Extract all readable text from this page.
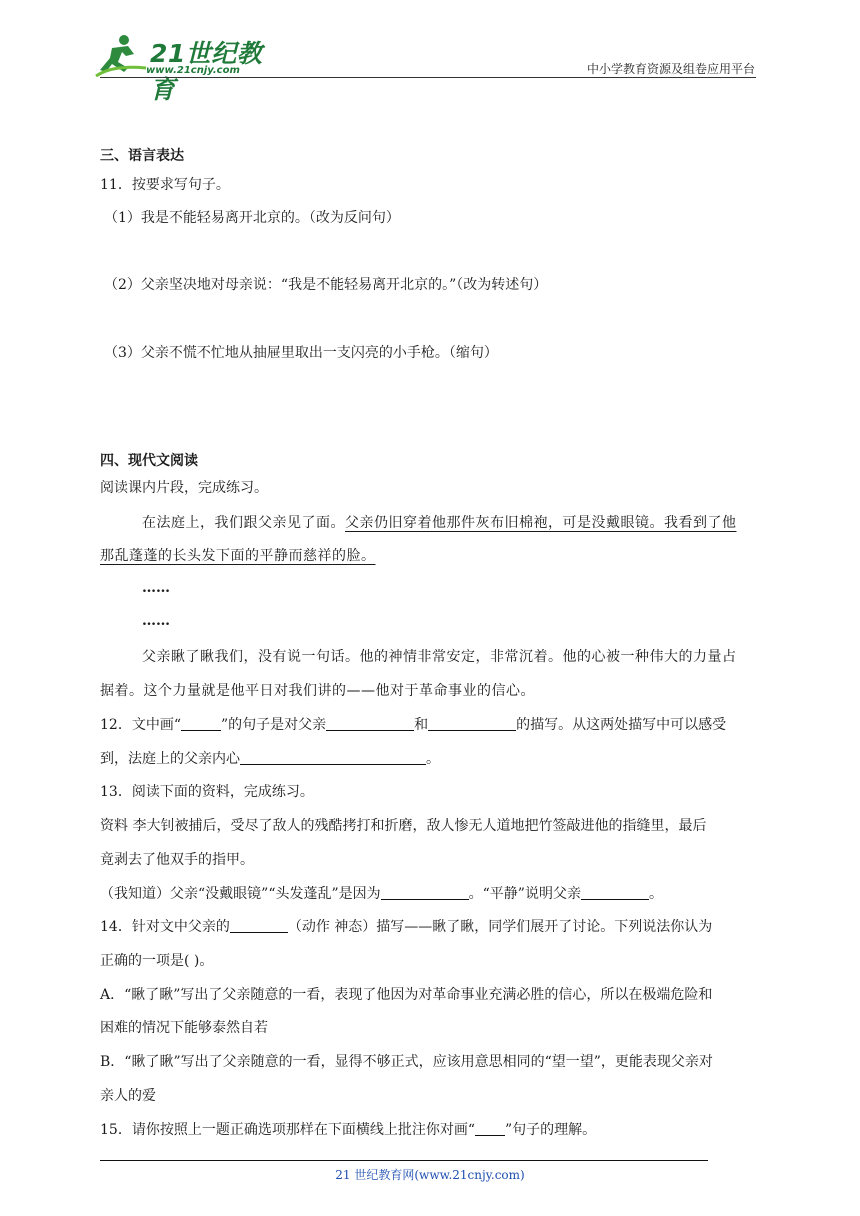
21世纪教育
www.21cnjy.com	中小学教育资源及组卷应用平台
三、语言表达
11．按要求写句子。
（1）我是不能轻易离开北京的。（改为反问句）
（2）父亲坚决地对母亲说：“我是不能轻易离开北京的。”（改为转述句）
（3）父亲不慌不忙地从抽屉里取出一支闪亮的小手枪。（缩句）
四、现代文阅读
阅读课内片段，完成练习。
在法庭上，我们跟父亲见了面。父亲仍旧穿着他那件灰布旧棉袍，可是没戴眼镜。我看到了他
那乱蓬蓬的长头发下面的平静而慈祥的脸。
……
……
父亲瞅了瞅我们，没有说一句话。他的神情非常安定，非常沉着。他的心被一种伟大的力量占
据着。这个力量就是他平日对我们讲的——他对于革命事业的信心。
12．文中画“	”的句子是对父亲	和	的描写。从这两处描写中可以感受
到，法庭上的父亲内心	。
13．阅读下面的资料，完成练习。
资料 李大钊被捕后，受尽了敌人的残酷拷打和折磨，敌人惨无人道地把竹签敲进他的指缝里，最后
竟剥去了他双手的指甲。
（我知道）父亲“没戴眼镜”“头发蓬乱”是因为	。“平静”说明父亲	。
14．针对文中父亲的	（动作 神态）描写——瞅了瞅，同学们展开了讨论。下列说法你认为
正确的一项是( )。
A．“瞅了瞅”写出了父亲随意的一看，表现了他因为对革命事业充满必胜的信心，所以在极端危险和
困难的情况下能够泰然自若
B．“瞅了瞅”写出了父亲随意的一看，显得不够正式，应该用意思相同的“望一望”，更能表现父亲对
亲人的爱
15．请你按照上一题正确选项那样在下面横线上批注你对画“ ”句子的理解。
21 世纪教育网(www.21cnjy.com)
